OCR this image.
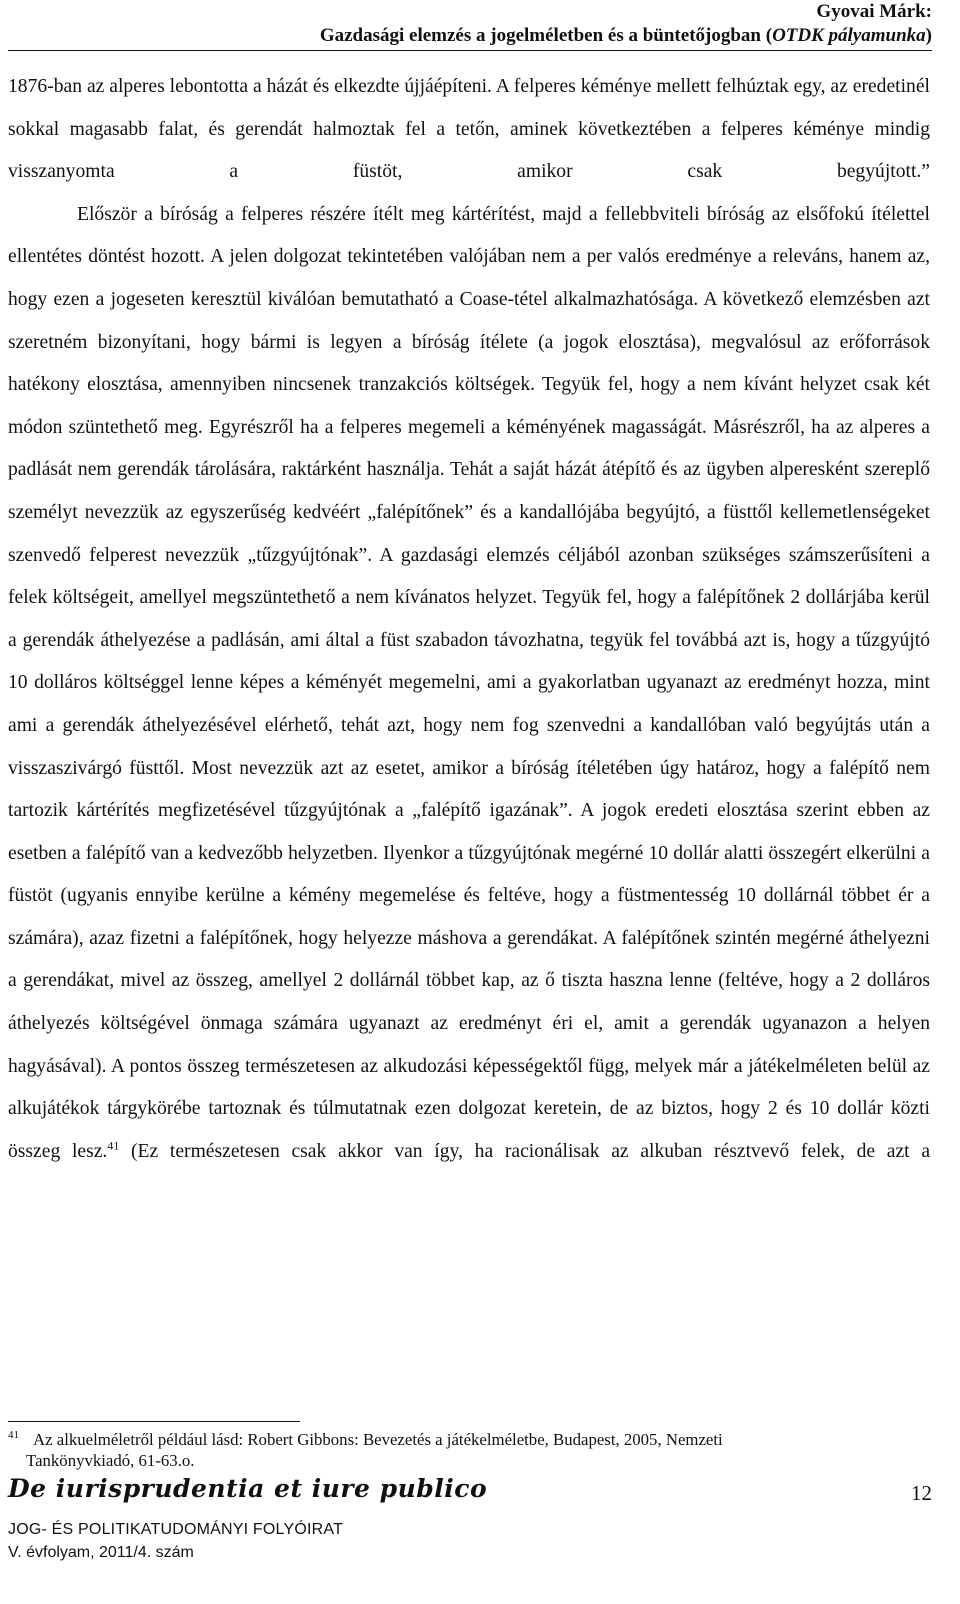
Gyovai Márk:
Gazdasági elemzés a jogelméletben és a büntetőjogban (OTDK pályamunka)

1876-ban az alperes lebontotta a házát és elkezdte újjáépíteni. A felperes kéménye mellett felhúztak egy, az eredetinél sokkal magasabb falat, és gerendát halmoztak fel a tetőn, aminek következtében a felperes kéménye mindig visszanyomta a füstöt, amikor csak begyújtott.”

Először a bíróság a felperes részére ítélt meg kártérítést, majd a fellebbviteli bíróság az elsőfokú ítélettel ellentétes döntést hozott. A jelen dolgozat tekintetében valójában nem a per valós eredménye a releváns, hanem az, hogy ezen a jogeseten keresztül kiválóan bemutatható a Coase-tétel alkalmazhatósága. A következő elemzésben azt szeretném bizonyítani, hogy bármi is legyen a bíróság ítélete (a jogok elosztása), megvalósul az erőforrások hatékony elosztása, amennyiben nincsenek tranzakciós költségek. Tegyük fel, hogy a nem kívánt helyzet csak két módon szüntethető meg. Egyrészről ha a felperes megemeli a kéményének magasságát. Másrészről, ha az alperes a padlását nem gerendák tárolására, raktárként használja. Tehát a saját házát átépítő és az ügyben alperesként szereplő személyt nevezzük az egyszerűség kedvéért „falépítőnek” és a kandallójába begyújtó, a füsttől kellemetlenségeket szenvedő felperest nevezzük „tűzgyújtónak”. A gazdasági elemzés céljából azonban szükséges számszerűsíteni a felek költségeit, amellyel megszüntethető a nem kívánatos helyzet. Tegyük fel, hogy a falépítőnek 2 dollárjába kerül a gerendák áthelyezése a padlásán, ami által a füst szabadon távozhatna, tegyük fel továbbá azt is, hogy a tűzgyújtó 10 dolláros költséggel lenne képes a kéményét megemelni, ami a gyakorlatban ugyanazt az eredményt hozza, mint ami a gerendák áthelyezésével elérhető, tehát azt, hogy nem fog szenvedni a kandallóban való begyújtás után a visszaszivárgó füsttől. Most nevezzük azt az esetet, amikor a bíróság ítéletében úgy határoz, hogy a falépítő nem tartozik kártérítés megfizetésével tűzgyújtónak a „falépítő igazának”. A jogok eredeti elosztása szerint ebben az esetben a falépítő van a kedvezőbb helyzetben. Ilyenkor a tűzgyújtónak megérné 10 dollár alatti összegért elkerülni a füstöt (ugyanis ennyibe kerülne a kémény megemelése és feltéve, hogy a füstmentesség 10 dollárnál többet ér a számára), azaz fizetni a falépítőnek, hogy helyezze máshova a gerendákat. A falépítőnek szintén megérné áthelyezni a gerendákat, mivel az összeg, amellyel 2 dollárnál többet kap, az ő tiszta haszna lenne (feltéve, hogy a 2 dolláros áthelyezés költségével önmaga számára ugyanazt az eredményt éri el, amit a gerendák ugyanazon a helyen hagyásával). A pontos összeg természetesen az alkudozási képességektől függ, melyek már a játékelméleten belül az alkujátékok tárgykörébe tartoznak és túlmutatnak ezen dolgozat keretein, de az biztos, hogy 2 és 10 dollár közti összeg lesz.$^{41}$ (Ez természetesen csak akkor van így, ha racionálisak az alkuban résztvevő felek, de azt a

$^{41}$ Az alkuelméletről például lásd: Robert Gibbons: Bevezetés a játékelméletbe, Budapest, 2005, Nemzeti
Tankönyvkiadó, 61-63.o.
De iurisprudentia et iure publico	12
JOG- ÉS POLITIKATUDOMÁNYI FOLYÓIRAT
V. évfolyam, 2011/4. szám
